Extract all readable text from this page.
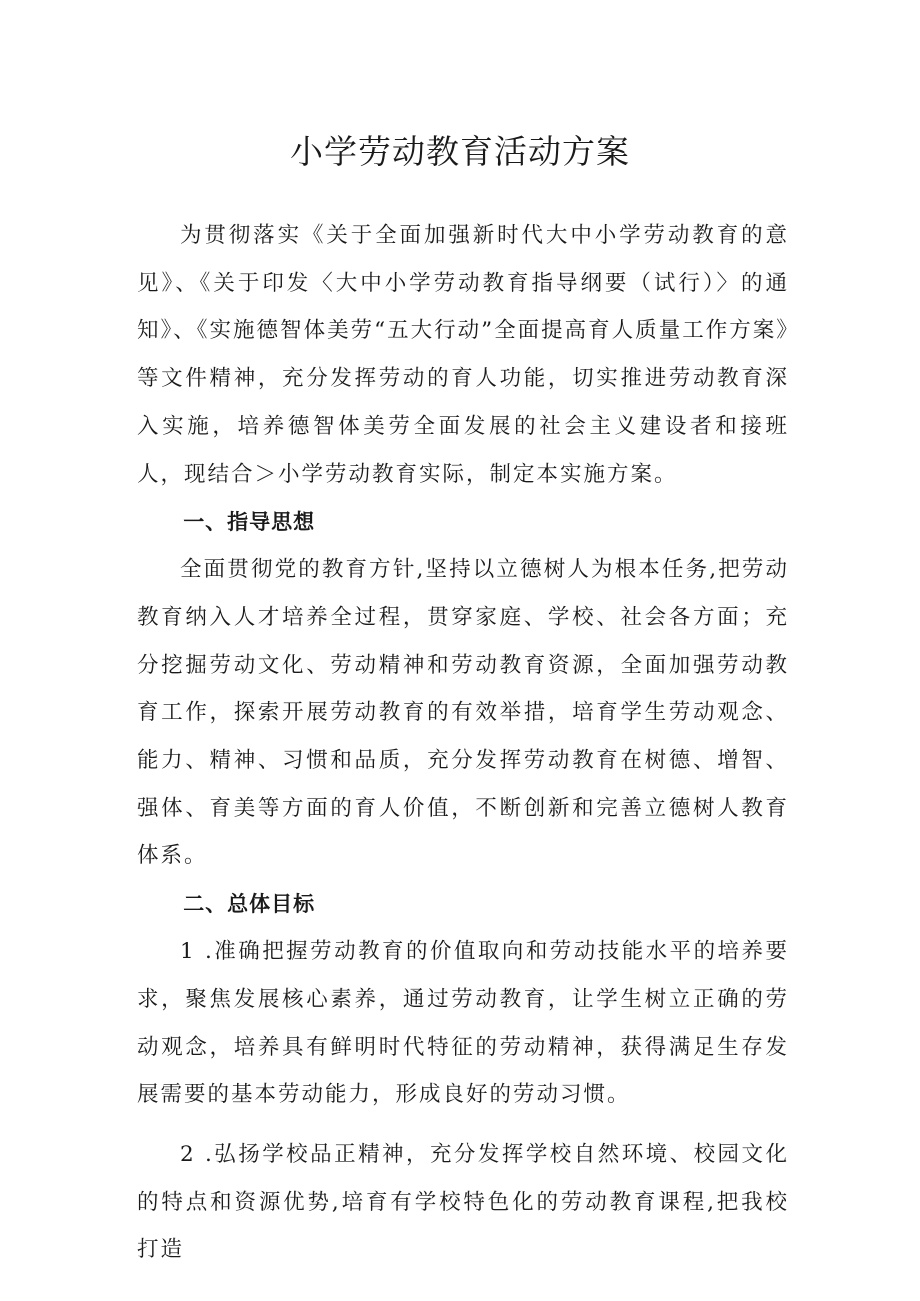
小学劳动教育活动方案

为贯彻落实《关于全面加强新时代大中小学劳动教育的意见》、《关于印发〈大中小学劳动教育指导纲要（试行）〉的通知》、《实施德智体美劳“五大行动”全面提高育人质量工作方案》等文件精神，充分发挥劳动的育人功能，切实推进劳动教育深入实施，培养德智体美劳全面发展的社会主义建设者和接班人，现结合＞小学劳动教育实际，制定本实施方案。

一、指导思想

全面贯彻党的教育方针,坚持以立德树人为根本任务,把劳动教育纳入人才培养全过程，贯穿家庭、学校、社会各方面；充分挖掘劳动文化、劳动精神和劳动教育资源，全面加强劳动教育工作，探索开展劳动教育的有效举措，培育学生劳动观念、能力、精神、习惯和品质，充分发挥劳动教育在树德、增智、强体、育美等方面的育人价值，不断创新和完善立德树人教育体系。

二、总体目标

1 .准确把握劳动教育的价值取向和劳动技能水平的培养要求，聚焦发展核心素养，通过劳动教育，让学生树立正确的劳动观念，培养具有鲜明时代特征的劳动精神，获得满足生存发展需要的基本劳动能力，形成良好的劳动习惯。

2 .弘扬学校品正精神，充分发挥学校自然环境、校园文化的特点和资源优势,培育有学校特色化的劳动教育课程,把我校打造
